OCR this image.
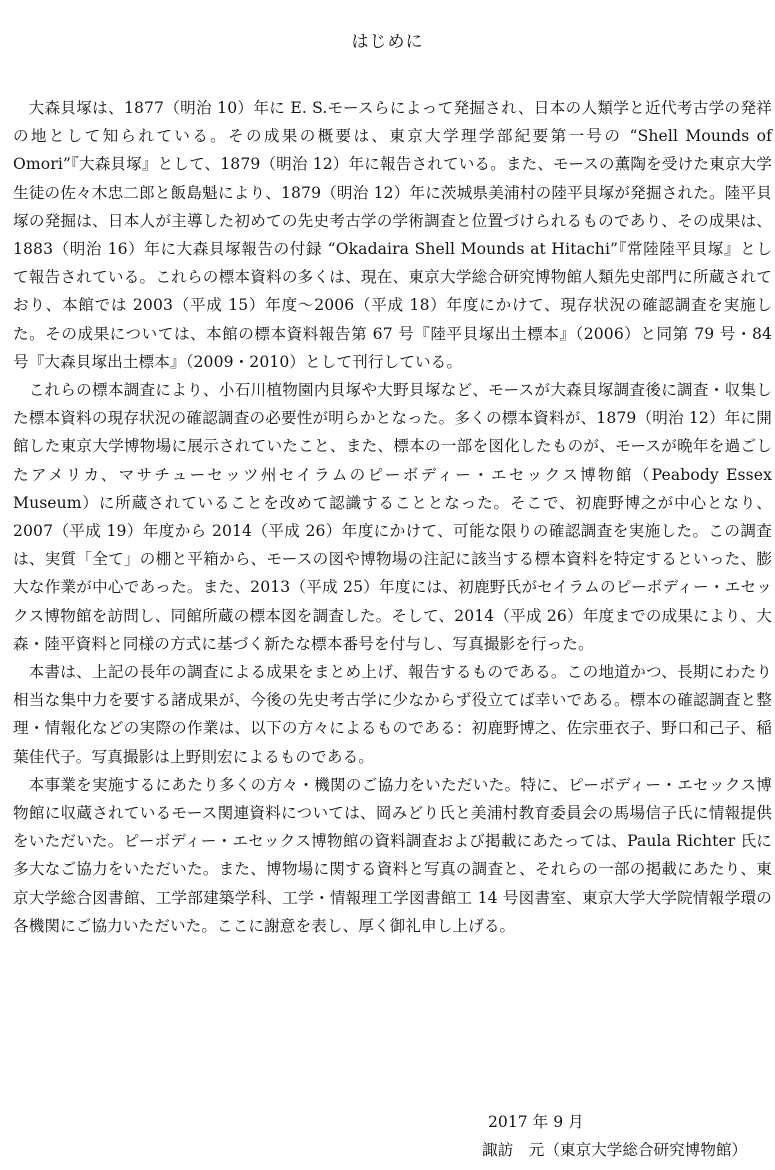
はじめに

大森貝塚は、1877（明治 10）年に E. S.モースらによって発掘され、日本の人類学と近代考古学の発祥の地として知られている。その成果の概要は、東京大学理学部紀要第一号の “Shell Mounds of Omori”『大森貝塚』として、1879（明治 12）年に報告されている。また、モースの薫陶を受けた東京大学生徒の佐々木忠二郎と飯島魁により、1879（明治 12）年に茨城県美浦村の陸平貝塚が発掘された。陸平貝塚の発掘は、日本人が主導した初めての先史考古学の学術調査と位置づけられるものであり、その成果は、1883（明治 16）年に大森貝塚報告の付録 “Okadaira Shell Mounds at Hitachi”『常陸陸平貝塚』として報告されている。これらの標本資料の多くは、現在、東京大学総合研究博物館人類先史部門に所蔵されており、本館では 2003（平成 15）年度～2006（平成 18）年度にかけて、現存状況の確認調査を実施した。その成果については、本館の標本資料報告第 67 号『陸平貝塚出土標本』（2006）と同第 79 号・84 号『大森貝塚出土標本』（2009・2010）として刊行している。

これらの標本調査により、小石川植物園内貝塚や大野貝塚など、モースが大森貝塚調査後に調査・収集した標本資料の現存状況の確認調査の必要性が明らかとなった。多くの標本資料が、1879（明治 12）年に開館した東京大学博物場に展示されていたこと、また、標本の一部を図化したものが、モースが晩年を過ごしたアメリカ、マサチューセッツ州セイラムのピーボディー・エセックス博物館（Peabody Essex Museum）に所蔵されていることを改めて認識することとなった。そこで、初鹿野博之が中心となり、2007（平成 19）年度から 2014（平成 26）年度にかけて、可能な限りの確認調査を実施した。この調査は、実質「全て」の棚と平箱から、モースの図や博物場の注記に該当する標本資料を特定するといった、膨大な作業が中心であった。また、2013（平成 25）年度には、初鹿野氏がセイラムのピーボディー・エセックス博物館を訪問し、同館所蔵の標本図を調査した。そして、2014（平成 26）年度までの成果により、大森・陸平資料と同様の方式に基づく新たな標本番号を付与し、写真撮影を行った。

本書は、上記の長年の調査による成果をまとめ上げ、報告するものである。この地道かつ、長期にわたり相当な集中力を要する諸成果が、今後の先史考古学に少なからず役立てば幸いである。標本の確認調査と整理・情報化などの実際の作業は、以下の方々によるものである：初鹿野博之、佐宗亜衣子、野口和己子、稲葉佳代子。写真撮影は上野則宏によるものである。

本事業を実施するにあたり多くの方々・機関のご協力をいただいた。特に、ピーボディー・エセックス博物館に収蔵されているモース関連資料については、岡みどり氏と美浦村教育委員会の馬場信子氏に情報提供をいただいた。ピーボディー・エセックス博物館の資料調査および掲載にあたっては、Paula Richter 氏に多大なご協力をいただいた。また、博物場に関する資料と写真の調査と、それらの一部の掲載にあたり、東京大学総合図書館、工学部建築学科、工学・情報理工学図書館工 14 号図書室、東京大学大学院情報学環の各機関にご協力いただいた。ここに謝意を表し、厚く御礼申し上げる。

2017 年 9 月

諏訪　元（東京大学総合研究博物館）
